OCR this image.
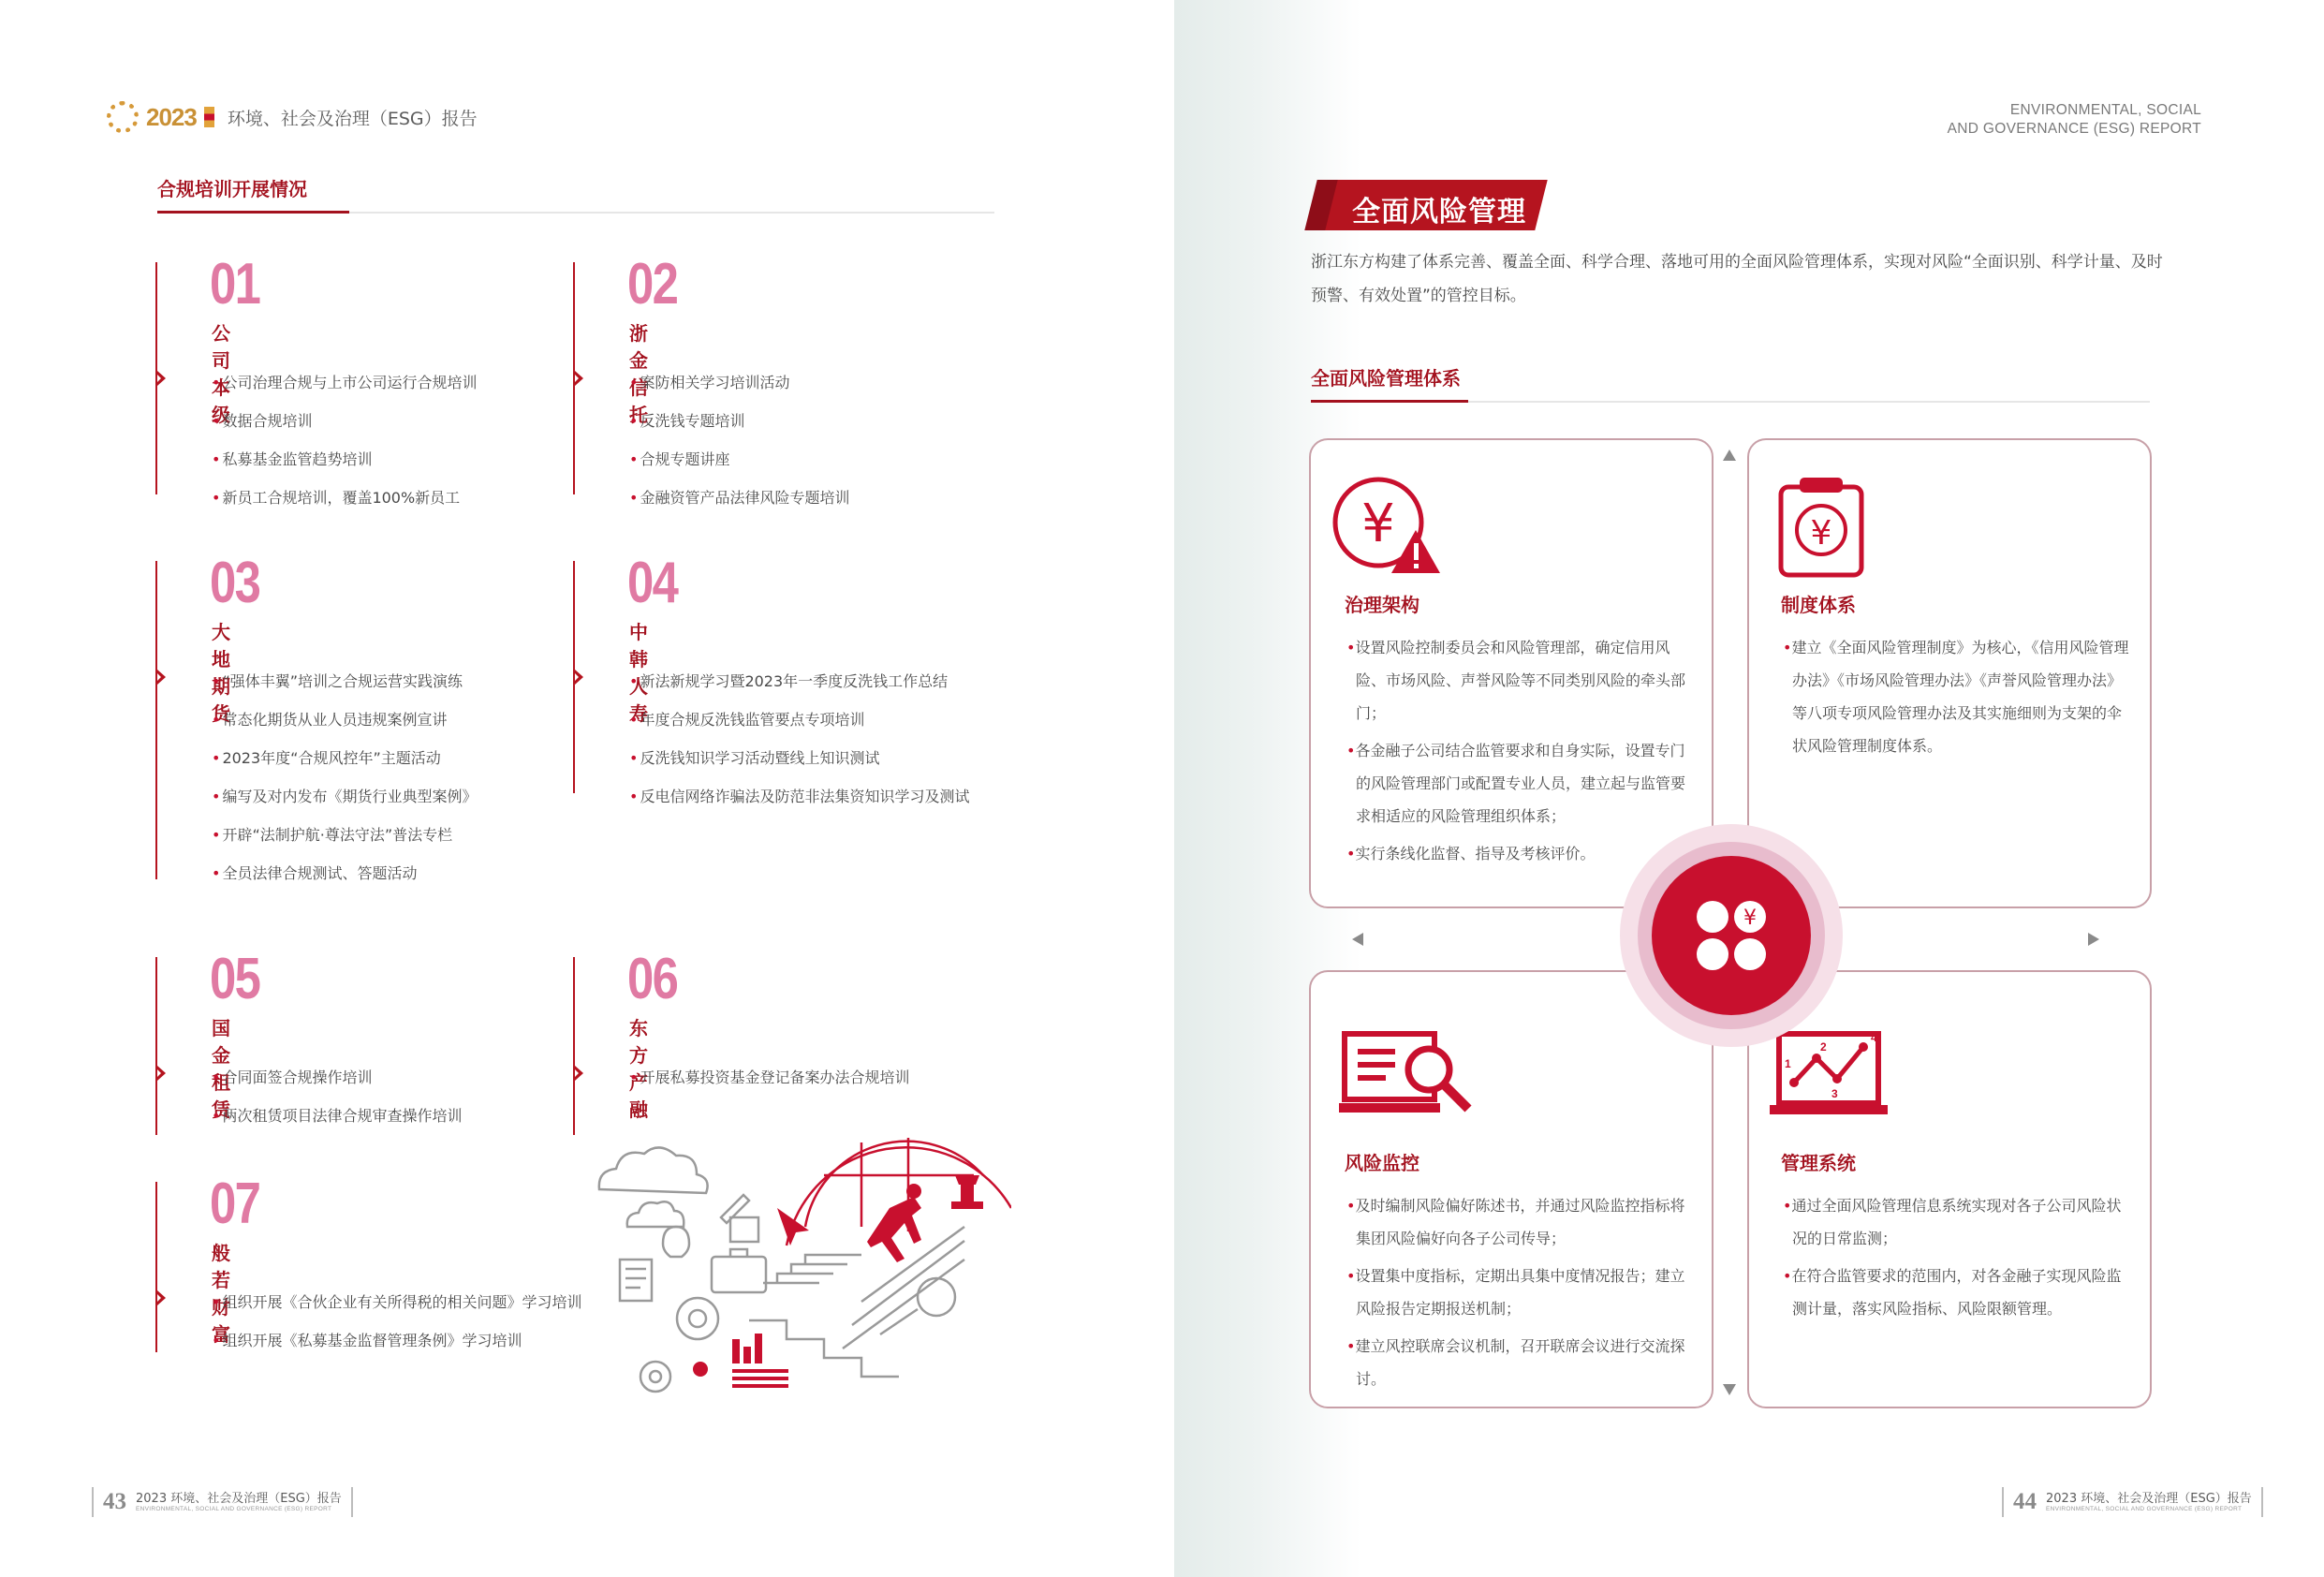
2023 环境、社会及治理（ESG）报告	ENVIRONMENTAL, SOCIAL
AND GOVERNANCE (ESG) REPORT
合规培训开展情况
01
公司本级
• 公司治理合规与上市公司运行合规培训
• 数据合规培训
• 私募基金监管趋势培训
• 新员工合规培训，覆盖100%新员工
02
浙金信托
• 案防相关学习培训活动
• 反洗钱专题培训
• 合规专题讲座
• 金融资管产品法律风险专题培训
03
大地期货
• “强体丰翼”培训之合规运营实践演练
• 常态化期货从业人员违规案例宣讲
• 2023年度“合规风控年”主题活动
• 编写及对内发布《期货行业典型案例》
• 开辟“法制护航·尊法守法”普法专栏
• 全员法律合规测试、答题活动
04
中韩人寿
• 新法新规学习暨2023年一季度反洗钱工作总结
• 年度合规反洗钱监管要点专项培训
• 反洗钱知识学习活动暨线上知识测试
• 反电信网络诈骗法及防范非法集资知识学习及测试
05
国金租赁
• 合同面签合规操作培训
• 两次租赁项目法律合规审查操作培训
06
东方产融
• 开展私募投资基金登记备案办法合规培训
07
般若财富
• 组织开展《合伙企业有关所得税的相关问题》学习培训
• 组织开展《私募基金监督管理条例》学习培训
全面风险管理
浙江东方构建了体系完善、覆盖全面、科学合理、落地可用的全面风险管理体系，实现对风险“全面识别、科学计量、及时预警、有效处置”的管控目标。
全面风险管理体系
¥
治理架构
• 设置风险控制委员会和风险管理部，确定信用风险、市场风险、声誉风险等不同类别风险的牵头部门；
• 各金融子公司结合监管要求和自身实际，设置专门的风险管理部门或配置专业人员，建立起与监管要求相适应的风险管理组织体系；
• 实行条线化监督、指导及考核评价。
¥
制度体系
• 建立《全面风险管理制度》为核心，《信用风险管理办法》《市场风险管理办法》《声誉风险管理办法》等八项专项风险管理办法及其实施细则为支架的伞状风险管理制度体系。
风险监控
• 及时编制风险偏好陈述书，并通过风险监控指标将集团风险偏好向各子公司传导；
• 设置集中度指标，定期出具集中度情况报告；建立风险报告定期报送机制；
• 建立风控联席会议机制，召开联席会议进行交流探讨。
1
2
3
4
管理系统
• 通过全面风险管理信息系统实现对各子公司风险状况的日常监测；
• 在符合监管要求的范围内，对各金融子实现风险监测计量，落实风险指标、风险限额管理。
¥
43 2023 环境、社会及治理（ESG）报告
ENVIRONMENTAL, SOCIAL AND GOVERNANCE (ESG) REPORT	44 2023 环境、社会及治理（ESG）报告
ENVIRONMENTAL, SOCIAL AND GOVERNANCE (ESG) REPORT
